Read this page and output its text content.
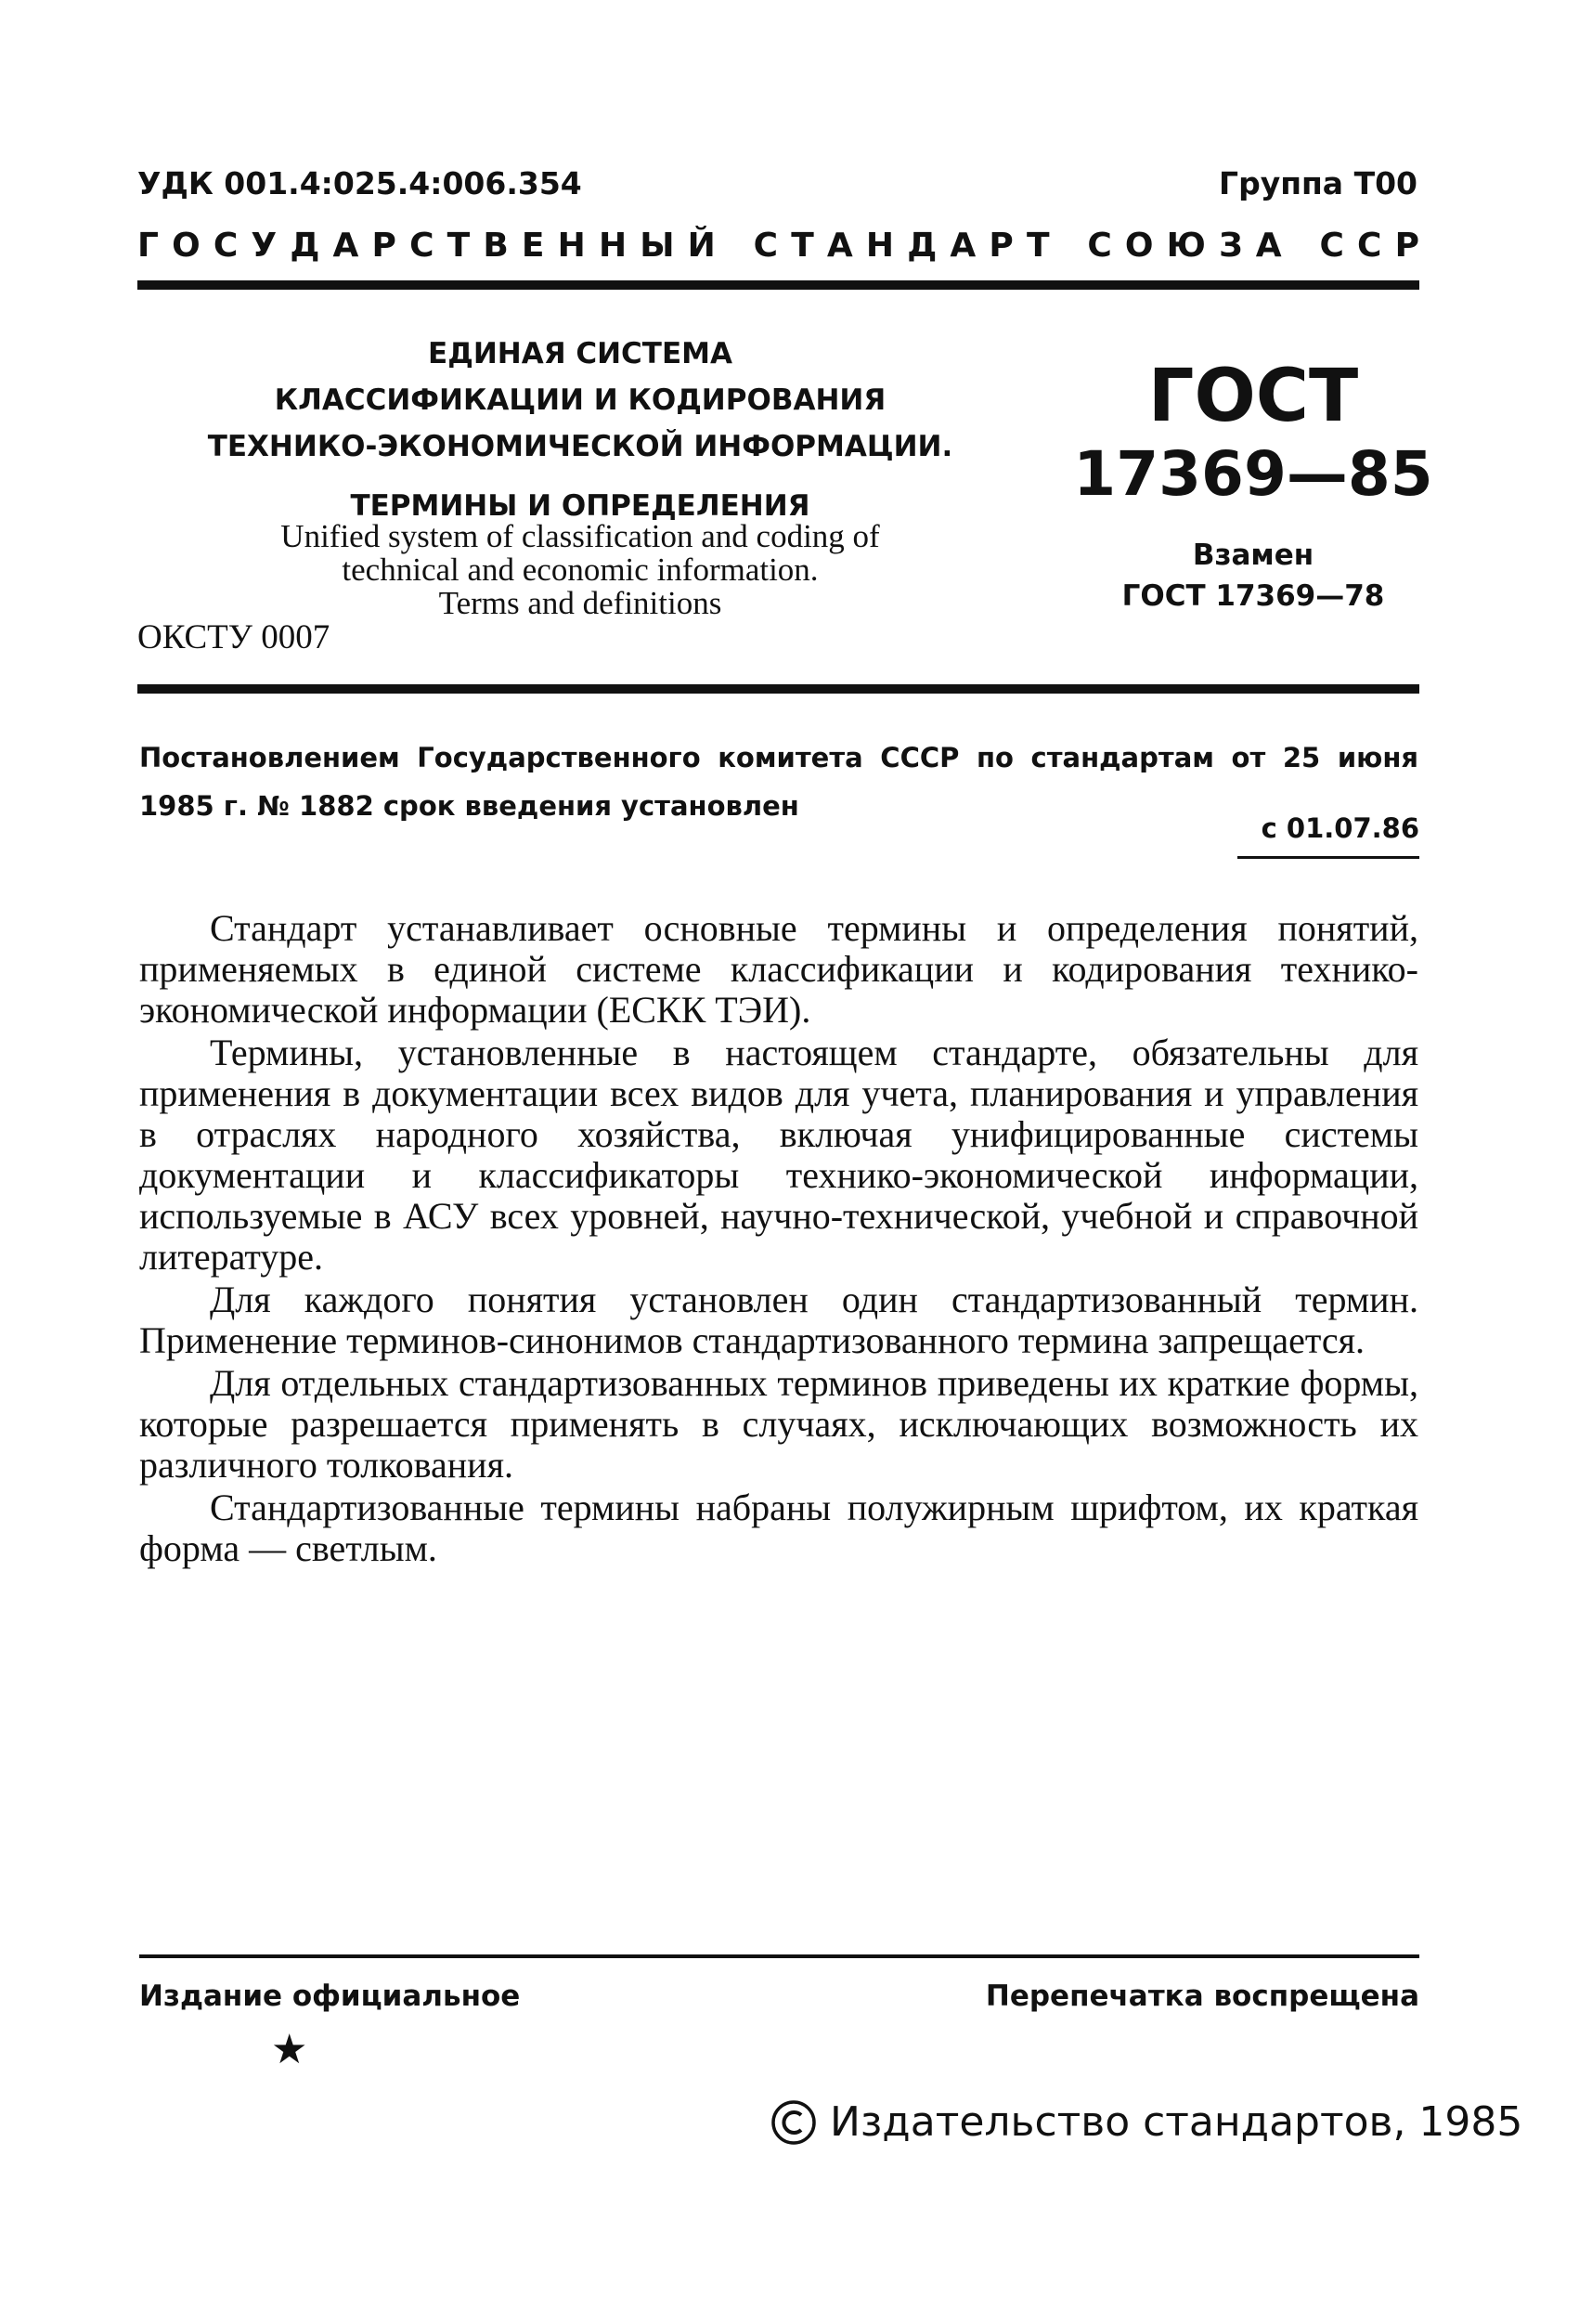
УДК 001.4:025.4:006.354	Группа Т00
Г О С У Д А Р С Т В Е Н Н Ы Й
С Т А Н Д А Р Т
С О Ю З А
С С Р
ЕДИНАЯ СИСТЕМА
КЛАССИФИКАЦИИ И КОДИРОВАНИЯ
ТЕХНИКО-ЭКОНОМИЧЕСКОЙ ИНФОРМАЦИИ.
ТЕРМИНЫ И ОПРЕДЕЛЕНИЯ
Unified system of classification and coding of
technical and economic information.
Terms and definitions
ОКСТУ 0007
ГОСТ
17369—85
Взамен
ГОСТ 17369—78
Постановлением Государственного комитета СССР по стандартам от 25 июня 1985 г. № 1882 срок введения установлен
с 01.07.86

Стандарт устанавливает основные термины и определения понятий, применяемых в единой системе классификации и кодирования технико-экономической информации (ЕСКК ТЭИ).

Термины, установленные в настоящем стандарте, обязательны для применения в документации всех видов для учета, планирования и управления в отраслях народного хозяйства, включая унифицированные системы документации и классификаторы технико-экономической информации, используемые в АСУ всех уровней, научно-технической, учебной и справочной литературе.

Для каждого понятия установлен один стандартизованный термин. Применение терминов-синонимов стандартизованного термина запрещается.

Для отдельных стандартизованных терминов приведены их краткие формы, которые разрешается применять в случаях, исключающих возможность их различного толкования.

Стандартизованные термины набраны полужирным шрифтом, их краткая форма — светлым.

Издание официальное	Перепечатка воспрещена
★
Издательство стандартов, 1985
